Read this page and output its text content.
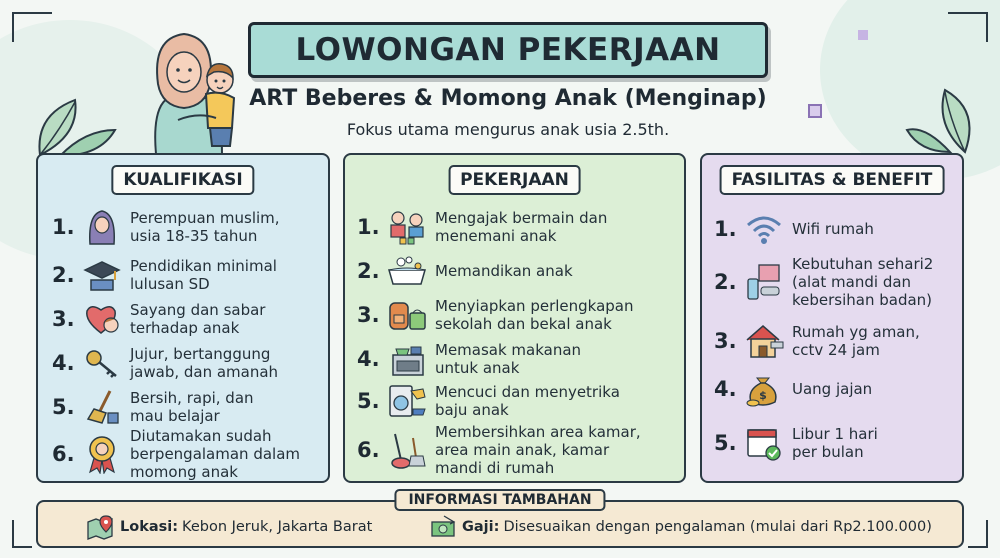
LOWONGAN PEKERJAAN
ART Beberes & Momong Anak (Menginap)
Fokus utama mengurus anak usia 2.5th.
KUALIFIKASI
1.	Perempuan muslim,
usia 18-35 tahun
2.	Pendidikan minimal
lulusan SD
3.	Sayang dan sabar
terhadap anak
4.	Jujur, bertanggung
jawab, dan amanah
5.	Bersih, rapi, dan
mau belajar
6.
Diutamakan sudah
berpengalaman dalam
momong anak
PEKERJAAN
1.	Mengajak bermain dan
menemani anak
2.	Memandikan anak
3.	Menyiapkan perlengkapan
sekolah dan bekal anak
4.	Memasak makanan
untuk anak
5.	Mencuci dan menyetrika
baju anak
6.
Membersihkan area kamar,
area main anak, kamar
mandi di rumah
FASILITAS & BENEFIT
1.	Wifi rumah
2.
Kebutuhan sehari2
(alat mandi dan
kebersihan badan)
3.	Rumah yg aman,
cctv 24 jam
4.	$ Uang jajan
5.	Libur 1 hari
per bulan
INFORMASI TAMBAHAN
Lokasi: Kebon Jeruk, Jakarta Barat	Gaji: Disesuaikan dengan pengalaman (mulai dari Rp2.100.000)
